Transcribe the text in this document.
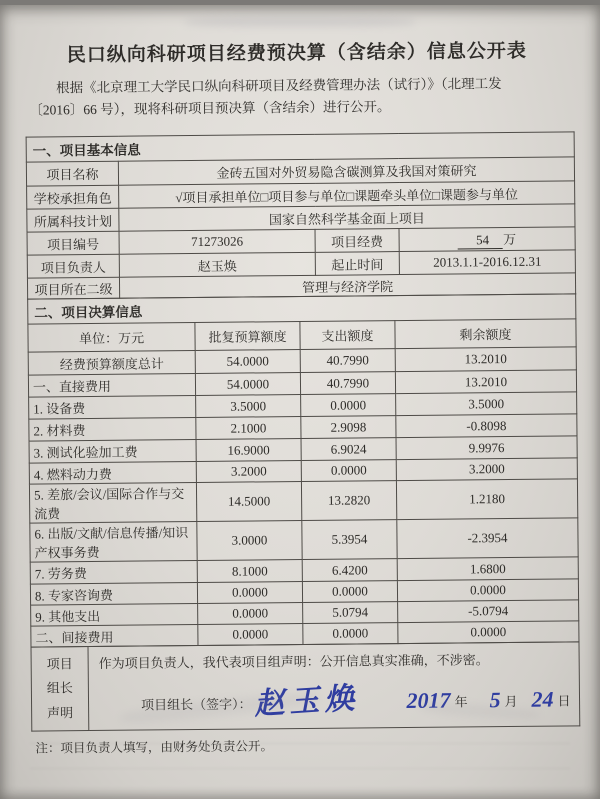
民口纵向科研项目经费预决算（含结余）信息公开表
根据《北京理工大学民口纵向科研项目及经费管理办法（试行）》（北理工发
〔2016〕66 号），现将科研项目预决算（含结余）进行公开。
一、项目基本信息			
项目名称	金砖五国对外贸易隐含碳测算及我国对策研究		
学校承担角色	√项目承担单位□项目参与单位□课题牵头单位□课题参与单位		
所属科技计划	国家自然科学基金面上项目		
项目编号	71273026	项目经费	54 万
项目负责人	赵玉焕	起止时间	2013.1.1-2016.12.31
项目所在二级	管理与经济学院		
二、项目决算信息			
单位：万元	批复预算额度	支出额度	剩余额度
经费预算额度总计	54.0000	40.7990	13.2010
一、直接费用	54.0000	40.7990	13.2010
1. 设备费	3.5000	0.0000	3.5000
2. 材料费	2.1000	2.9098	-0.8098
3. 测试化验加工费	16.9000	6.9024	9.9976
4. 燃料动力费	3.2000	0.0000	3.2000
5. 差旅/会议/国际合作与交流费	14.5000	13.2820	1.2180
6. 出版/文献/信息传播/知识产权事务费	3.0000	5.3954	-2.3954
7. 劳务费	8.1000	6.4200	1.6800
8. 专家咨询费	0.0000	0.0000	0.0000
9. 其他支出	0.0000	5.0794	-5.0794
二、间接费用	0.0000	0.0000	0.0000
项目
组长
声明

作为项目负责人，我代表项目组声明：公开信息真实准确，不涉密。
项目组长（签字）： 赵玉焕 2017 年 5 月 24 日
注：项目负责人填写，由财务处负责公开。
